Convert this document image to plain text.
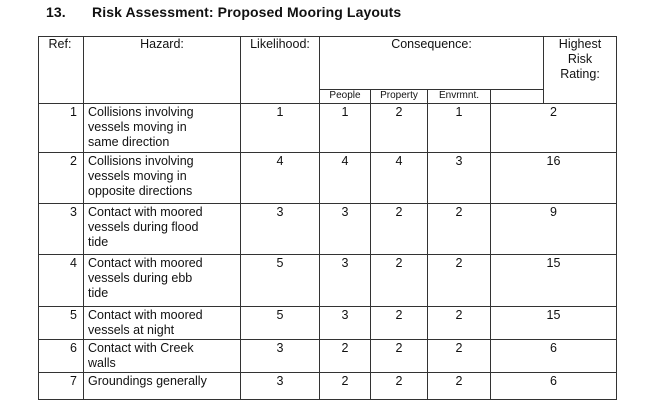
13. Risk Assessment: Proposed Mooring Layouts
Ref:	Hazard:	Likelihood:	Consequence:				Highest
Risk
Rating:

			People	Property	Envrmnt.		
1	Collisions involving
vessels moving in
same direction	1	1	2	1	2	
2	Collisions involving
vessels moving in
opposite directions	4	4	4	3	16	
3	Contact with moored
vessels during flood
tide	3	3	2	2	9	
4	Contact with moored
vessels during ebb
tide	5	3	2	2	15	
5	Contact with moored
vessels at night	5	3	2	2	15	
6	Contact with Creek
walls	3	2	2	2	6	
7	Groundings generally	3	2	2	2	6	
